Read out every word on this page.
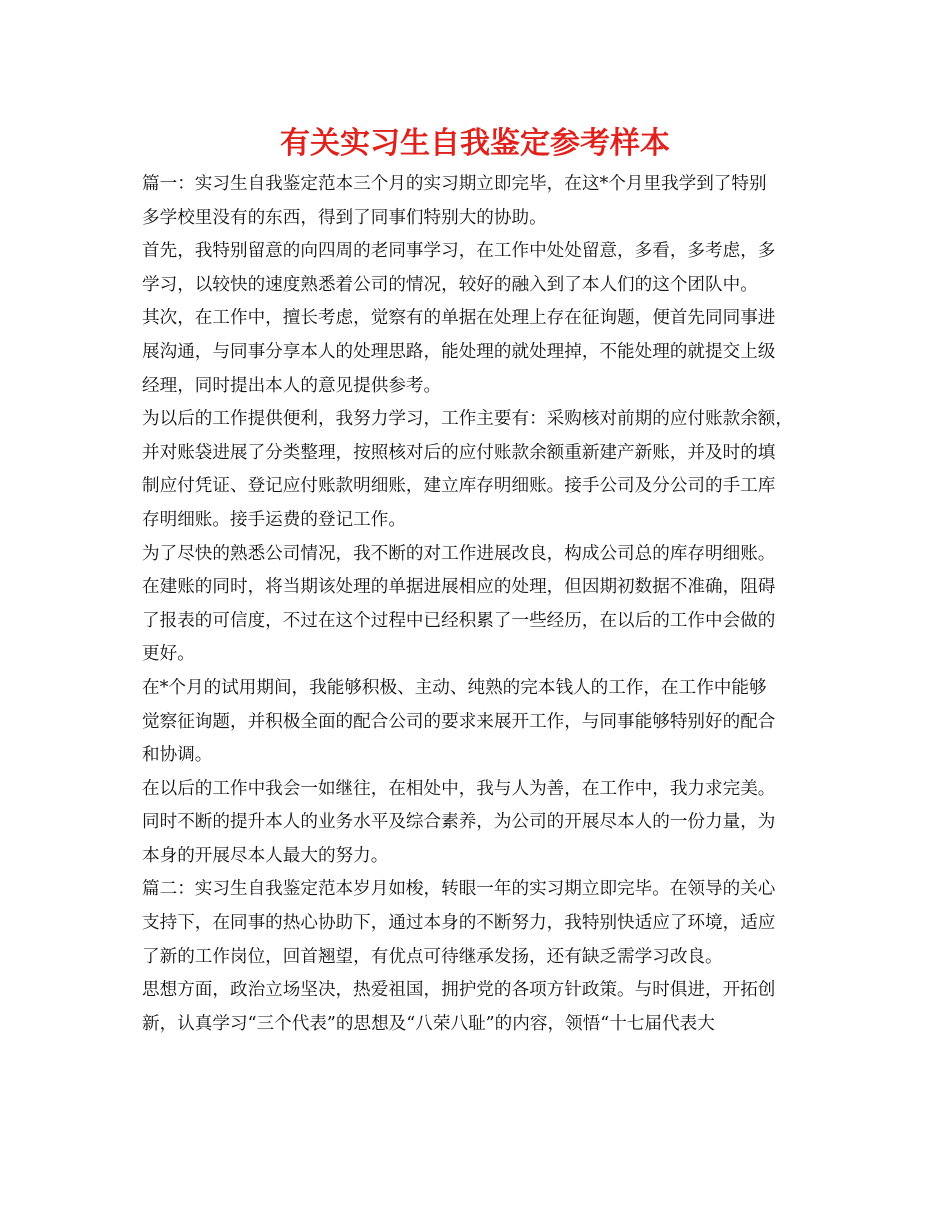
有关实习生自我鉴定参考样本
篇一：实习生自我鉴定范本三个月的实习期立即完毕，在这*个月里我学到了特别
多学校里没有的东西，得到了同事们特别大的协助。
首先，我特别留意的向四周的老同事学习，在工作中处处留意，多看，多考虑，多
学习，以较快的速度熟悉着公司的情况，较好的融入到了本人们的这个团队中。
其次，在工作中，擅长考虑，觉察有的单据在处理上存在征询题，便首先同同事进
展沟通，与同事分享本人的处理思路，能处理的就处理掉，不能处理的就提交上级
经理，同时提出本人的意见提供参考。
为以后的工作提供便利，我努力学习，工作主要有：采购核对前期的应付账款余额，
并对账袋进展了分类整理，按照核对后的应付账款余额重新建产新账，并及时的填
制应付凭证、登记应付账款明细账，建立库存明细账。接手公司及分公司的手工库
存明细账。接手运费的登记工作。
为了尽快的熟悉公司情况，我不断的对工作进展改良，构成公司总的库存明细账。
在建账的同时，将当期该处理的单据进展相应的处理，但因期初数据不准确，阻碍
了报表的可信度，不过在这个过程中已经积累了一些经历，在以后的工作中会做的
更好。
在*个月的试用期间，我能够积极、主动、纯熟的完本钱人的工作，在工作中能够
觉察征询题，并积极全面的配合公司的要求来展开工作，与同事能够特别好的配合
和协调。
在以后的工作中我会一如继往，在相处中，我与人为善，在工作中，我力求完美。
同时不断的提升本人的业务水平及综合素养，为公司的开展尽本人的一份力量，为
本身的开展尽本人最大的努力。
篇二：实习生自我鉴定范本岁月如梭，转眼一年的实习期立即完毕。在领导的关心
支持下，在同事的热心协助下，通过本身的不断努力，我特别快适应了环境，适应
了新的工作岗位，回首翘望，有优点可待继承发扬，还有缺乏需学习改良。
思想方面，政治立场坚决，热爱祖国，拥护党的各项方针政策。与时俱进，开拓创
新，认真学习“三个代表”的思想及“八荣八耻”的内容，领悟“十七届代表大
